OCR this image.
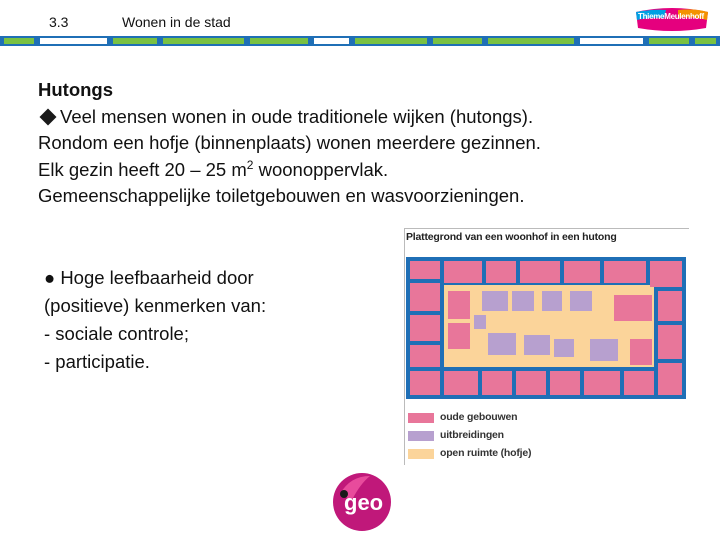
3.3	Wonen in de stad	ThiemeMeulenhoff

Hutongs

Veel mensen wonen in oude traditionele wijken (hutongs).

Rondom een hofje (binnenplaats) wonen meerdere gezinnen.

Elk gezin heeft 20 – 25 $m^2$ woonoppervlak.

Gemeenschappelijke toiletgebouwen en wasvoorzieningen.

● Hoge leefbaarheid door

(positieve) kenmerken van:

- sociale controle;

- participatie.

Plattegrond van een woonhof in een hutong
oude gebouwen
uitbreidingen
open ruimte (hofje)
geo
